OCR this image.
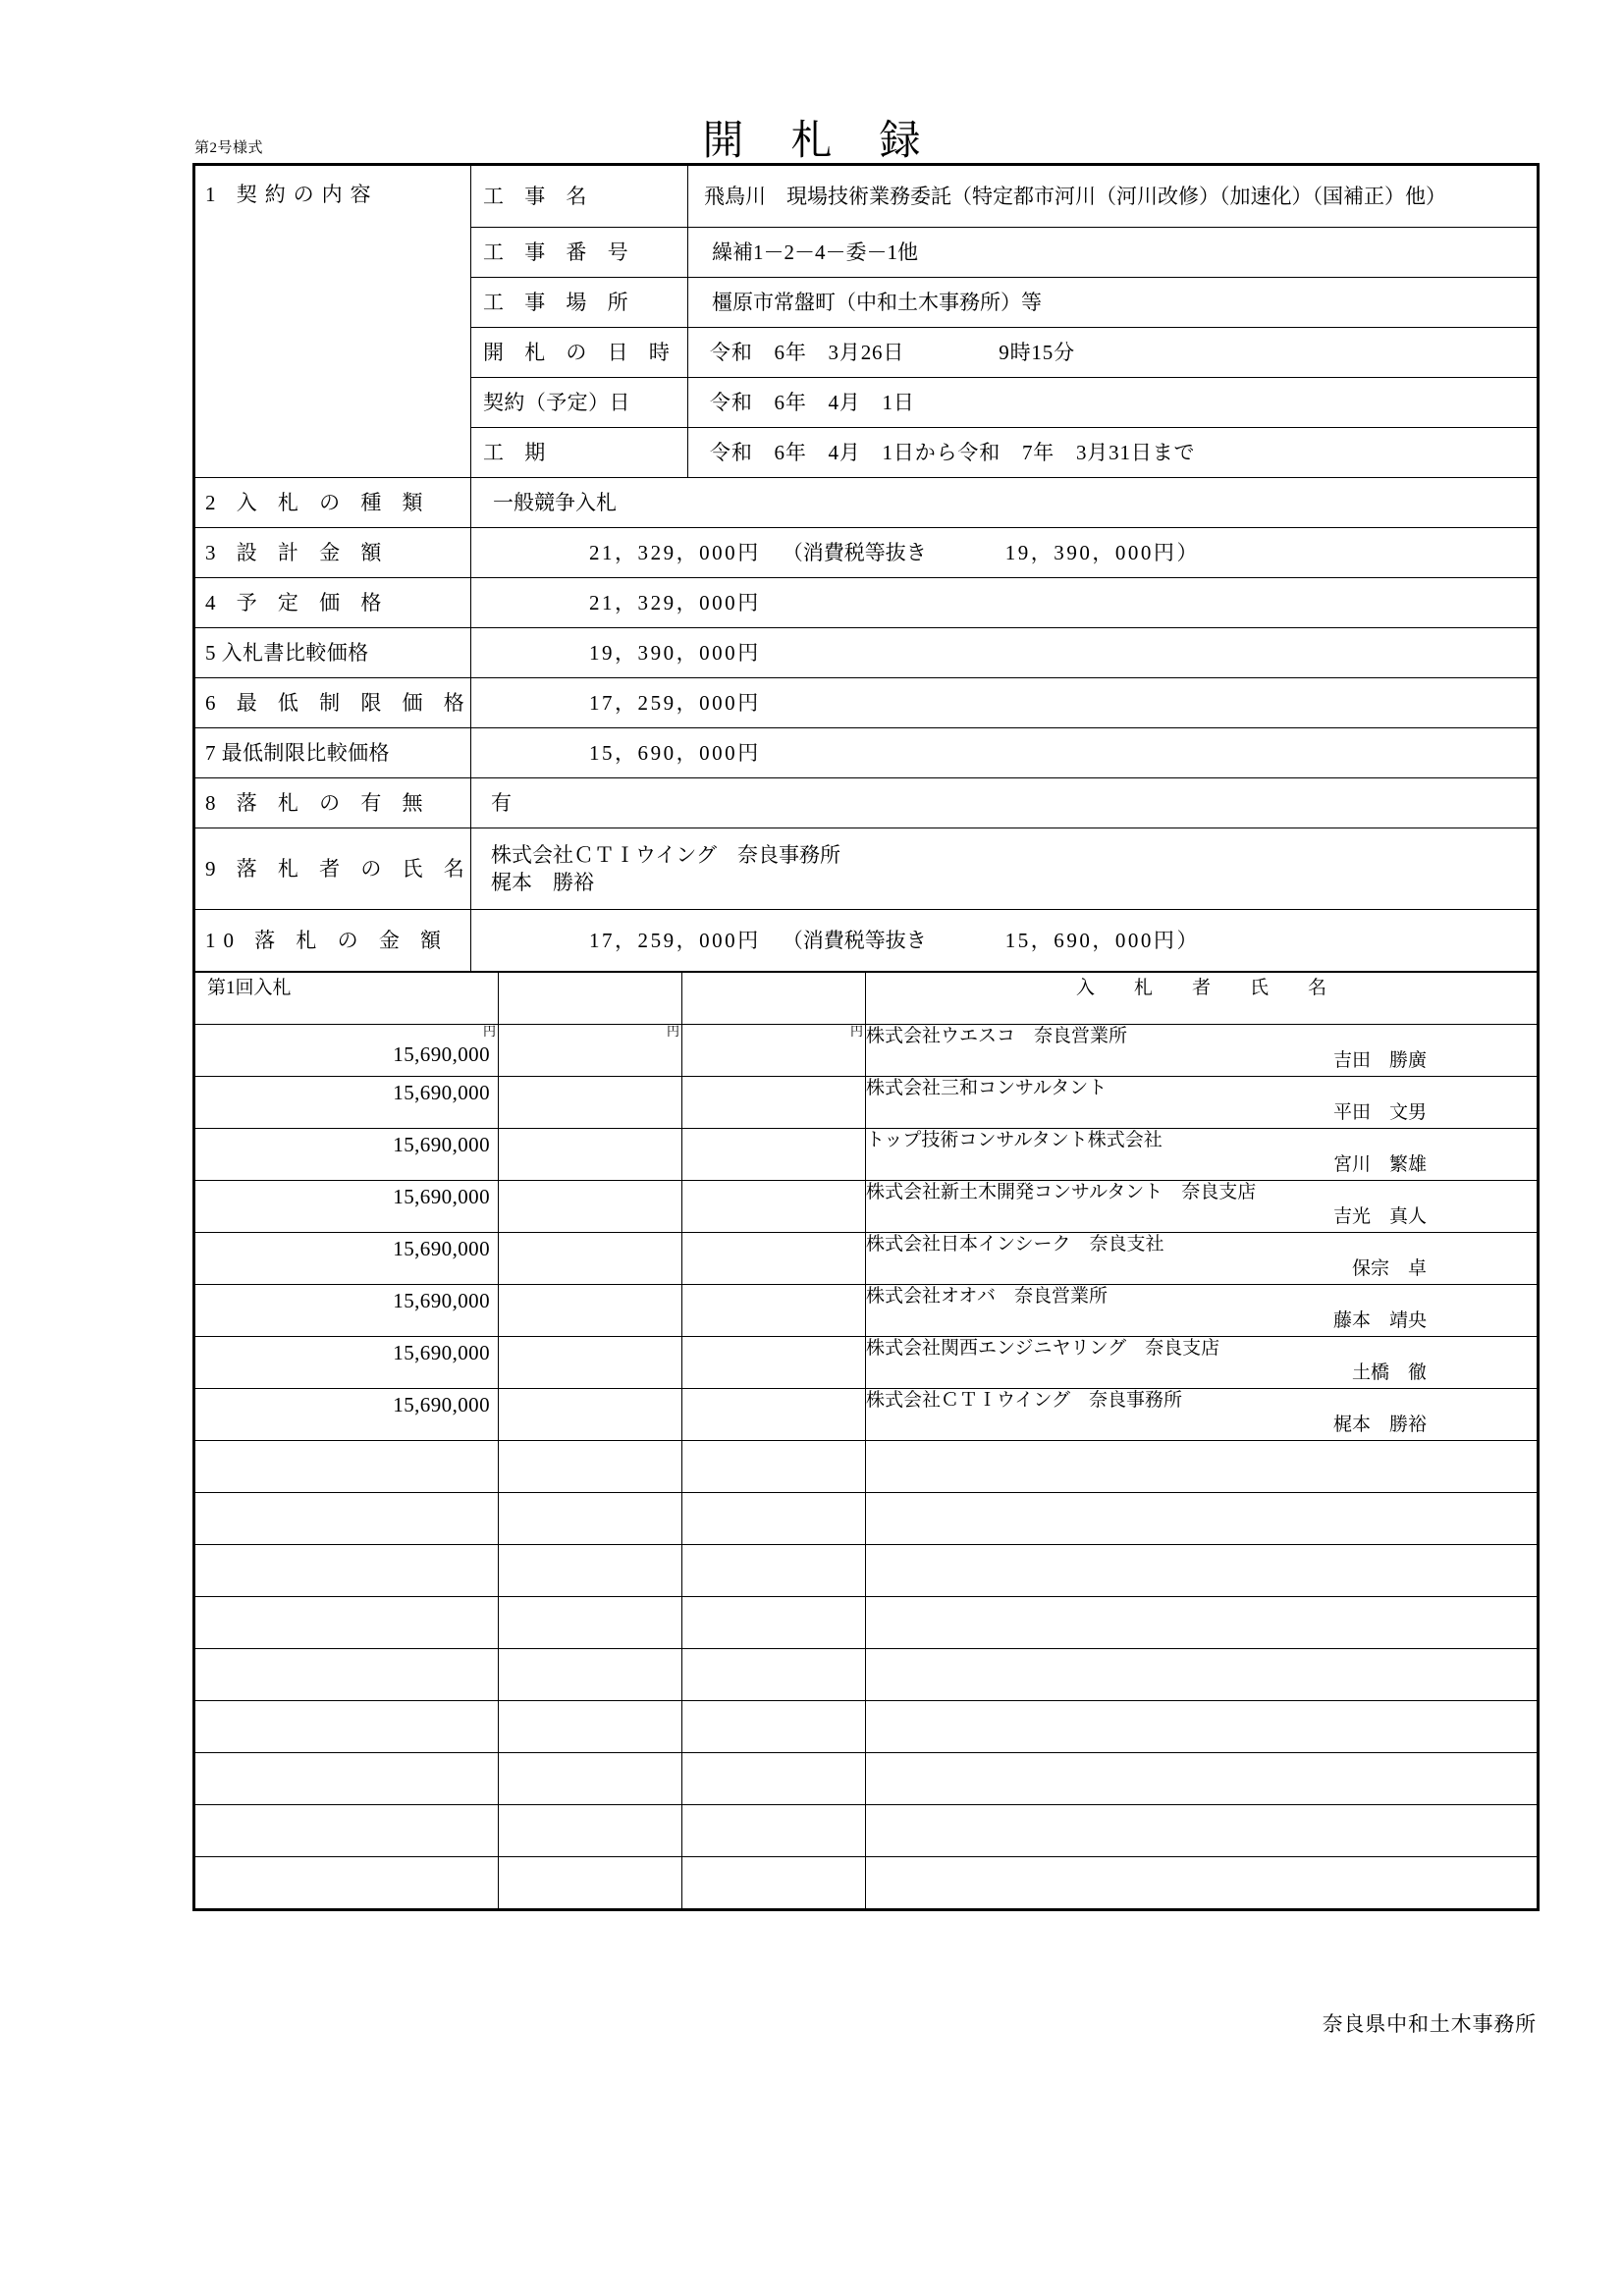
第2号様式	開札録
1 契約の内容	工 事 名	飛鳥川　現場技術業務委託（特定都市河川（河川改修）（加速化）（国補正）他）
	工 事 番 号	繰補1－2－4－委－1他
	工 事 場 所	橿原市常盤町（中和土木事務所）等
	開 札 の 日 時	令和　6年　3月26日 9時15分
	契約（予定）日	令和　6年　4月　1日
	工 期	令和　6年　4月　1日から令和　7年　3月31日まで
2 入 札 の 種 類	一般競争入札	
3 設 計 金 額	21，329，000円 （消費税等抜き 19，390，000円）	
4 予 定 価 格	21，329，000円	
5 入札書比較価格	19，390，000円	
6 最 低 制 限 価 格	17，259，000円	
7 最低制限比較価格	15，690，000円	
8 落 札 の 有 無	有	
9 落 札 者 の 氏 名	株式会社ＣＴＩウイング　奈良事務所
梶本　勝裕	

10 落 札 の 金 額	17，259，000円 （消費税等抜き 15，690，000円）	
第1回入札			入札者氏名

円
15,690,000	円	円	株式会社ウエスコ　奈良営業所
吉田　勝廣

15,690,000			株式会社三和コンサルタント
平田　文男

15,690,000			トップ技術コンサルタント株式会社
宮川　繁雄

15,690,000			株式会社新土木開発コンサルタント　奈良支店
吉光　真人

15,690,000			株式会社日本インシーク　奈良支社
保宗　卓

15,690,000			株式会社オオバ　奈良営業所
藤本　靖央

15,690,000			株式会社関西エンジニヤリング　奈良支店
土橋　徹

15,690,000			株式会社ＣＴＩウイング　奈良事務所
梶本　勝裕

奈良県中和土木事務所
